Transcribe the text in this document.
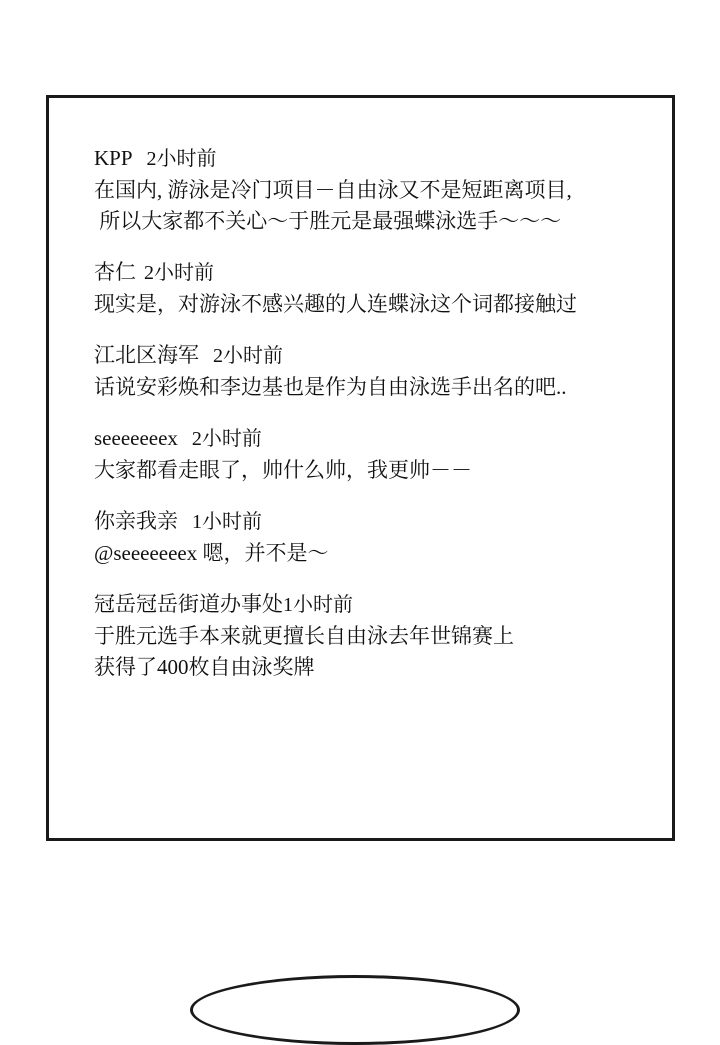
KPP 2小时前
在国内, 游泳是冷门项目－自由泳又不是短距离项目,
所以大家都不关心～于胜元是最强蝶泳选手～～～
杏仁 2小时前
现实是，对游泳不感兴趣的人连蝶泳这个词都接触过
江北区海军 2小时前
话说安彩焕和李边基也是作为自由泳选手出名的吧..
seeeeeeex 2小时前
大家都看走眼了，帅什么帅，我更帅－－
你亲我亲 1小时前
@seeeeeeex 嗯，并不是～
冠岳冠岳街道办事处1小时前
于胜元选手本来就更擅长自由泳去年世锦赛上
获得了400枚自由泳奖牌
